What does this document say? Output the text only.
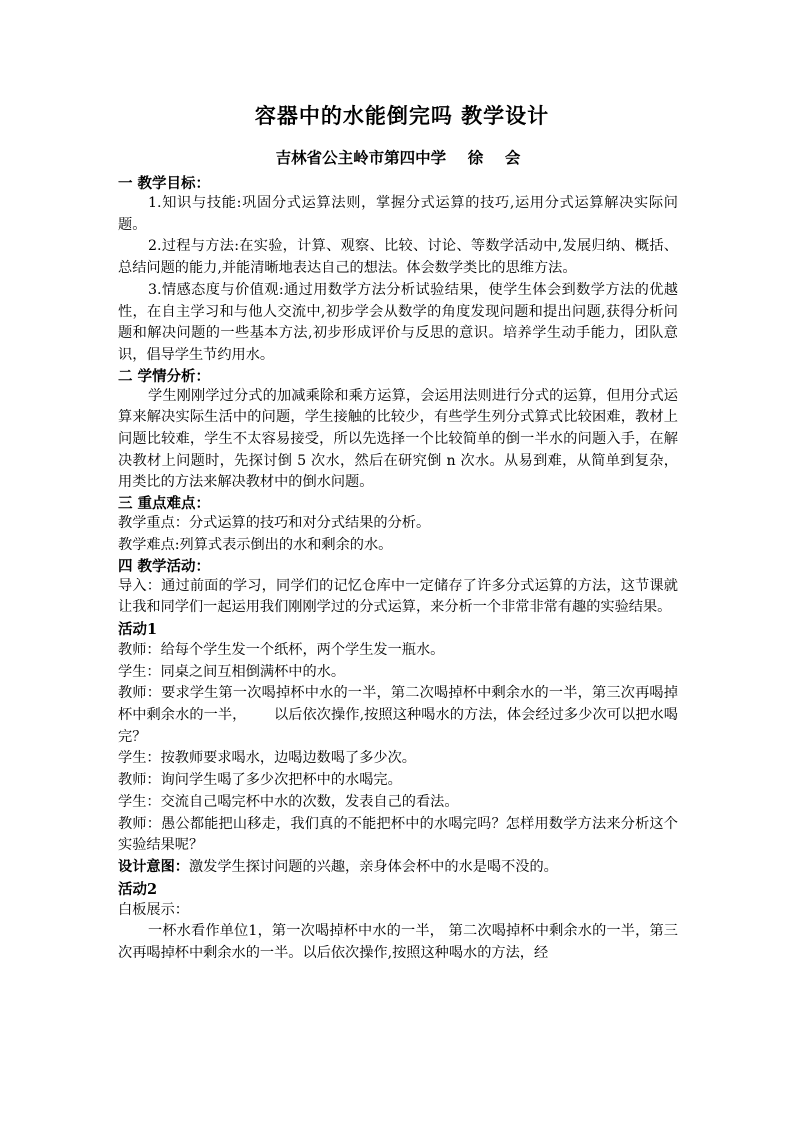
容器中的水能倒完吗 教学设计
吉林省公主岭市第四中学    徐    会
一 教学目标：

1.知识与技能:巩固分式运算法则，掌握分式运算的技巧,运用分式运算解决实际问题。

2.过程与方法:在实验，计算、观察、比较、讨论、等数学活动中,发展归纳、概括、总结问题的能力,并能清晰地表达自己的想法。体会数学类比的思维方法。

3.情感态度与价值观:通过用数学方法分析试验结果，使学生体会到数学方法的优越性，在自主学习和与他人交流中,初步学会从数学的角度发现问题和提出问题,获得分析问题和解决问题的一些基本方法,初步形成评价与反思的意识。培养学生动手能力，团队意识，倡导学生节约用水。

二 学情分析：

学生刚刚学过分式的加减乘除和乘方运算，会运用法则进行分式的运算，但用分式运算来解决实际生活中的问题，学生接触的比较少，有些学生列分式算式比较困难，教材上问题比较难，学生不太容易接受，所以先选择一个比较简单的倒一半水的问题入手，在解决教材上问题时，先探讨倒 5 次水，然后在研究倒 n 次水。从易到难，从简单到复杂，用类比的方法来解决教材中的倒水问题。

三 重点难点：

教学重点：分式运算的技巧和对分式结果的分析。

教学难点:列算式表示倒出的水和剩余的水。

四 教学活动：

导入：通过前面的学习，同学们的记忆仓库中一定储存了许多分式运算的方法，这节课就让我和同学们一起运用我们刚刚学过的分式运算，来分析一个非常非常有趣的实验结果。

活动1

教师：给每个学生发一个纸杯，两个学生发一瓶水。

学生：同桌之间互相倒满杯中的水。

教师：要求学生第一次喝掉杯中水的一半，第二次喝掉杯中剩余水的一半，第三次再喝掉杯中剩余水的一半，      以后依次操作,按照这种喝水的方法，体会经过多少次可以把水喝完？

学生：按教师要求喝水，边喝边数喝了多少次。

教师：询问学生喝了多少次把杯中的水喝完。

学生：交流自己喝完杯中水的次数，发表自己的看法。

教师：愚公都能把山移走，我们真的不能把杯中的水喝完吗？怎样用数学方法来分析这个实验结果呢？

设计意图：激发学生探讨问题的兴趣，亲身体会杯中的水是喝不没的。

活动2

白板展示：

一杯水看作单位1，第一次喝掉杯中水的一半， 第二次喝掉杯中剩余水的一半，第三次再喝掉杯中剩余水的一半。以后依次操作,按照这种喝水的方法，经
